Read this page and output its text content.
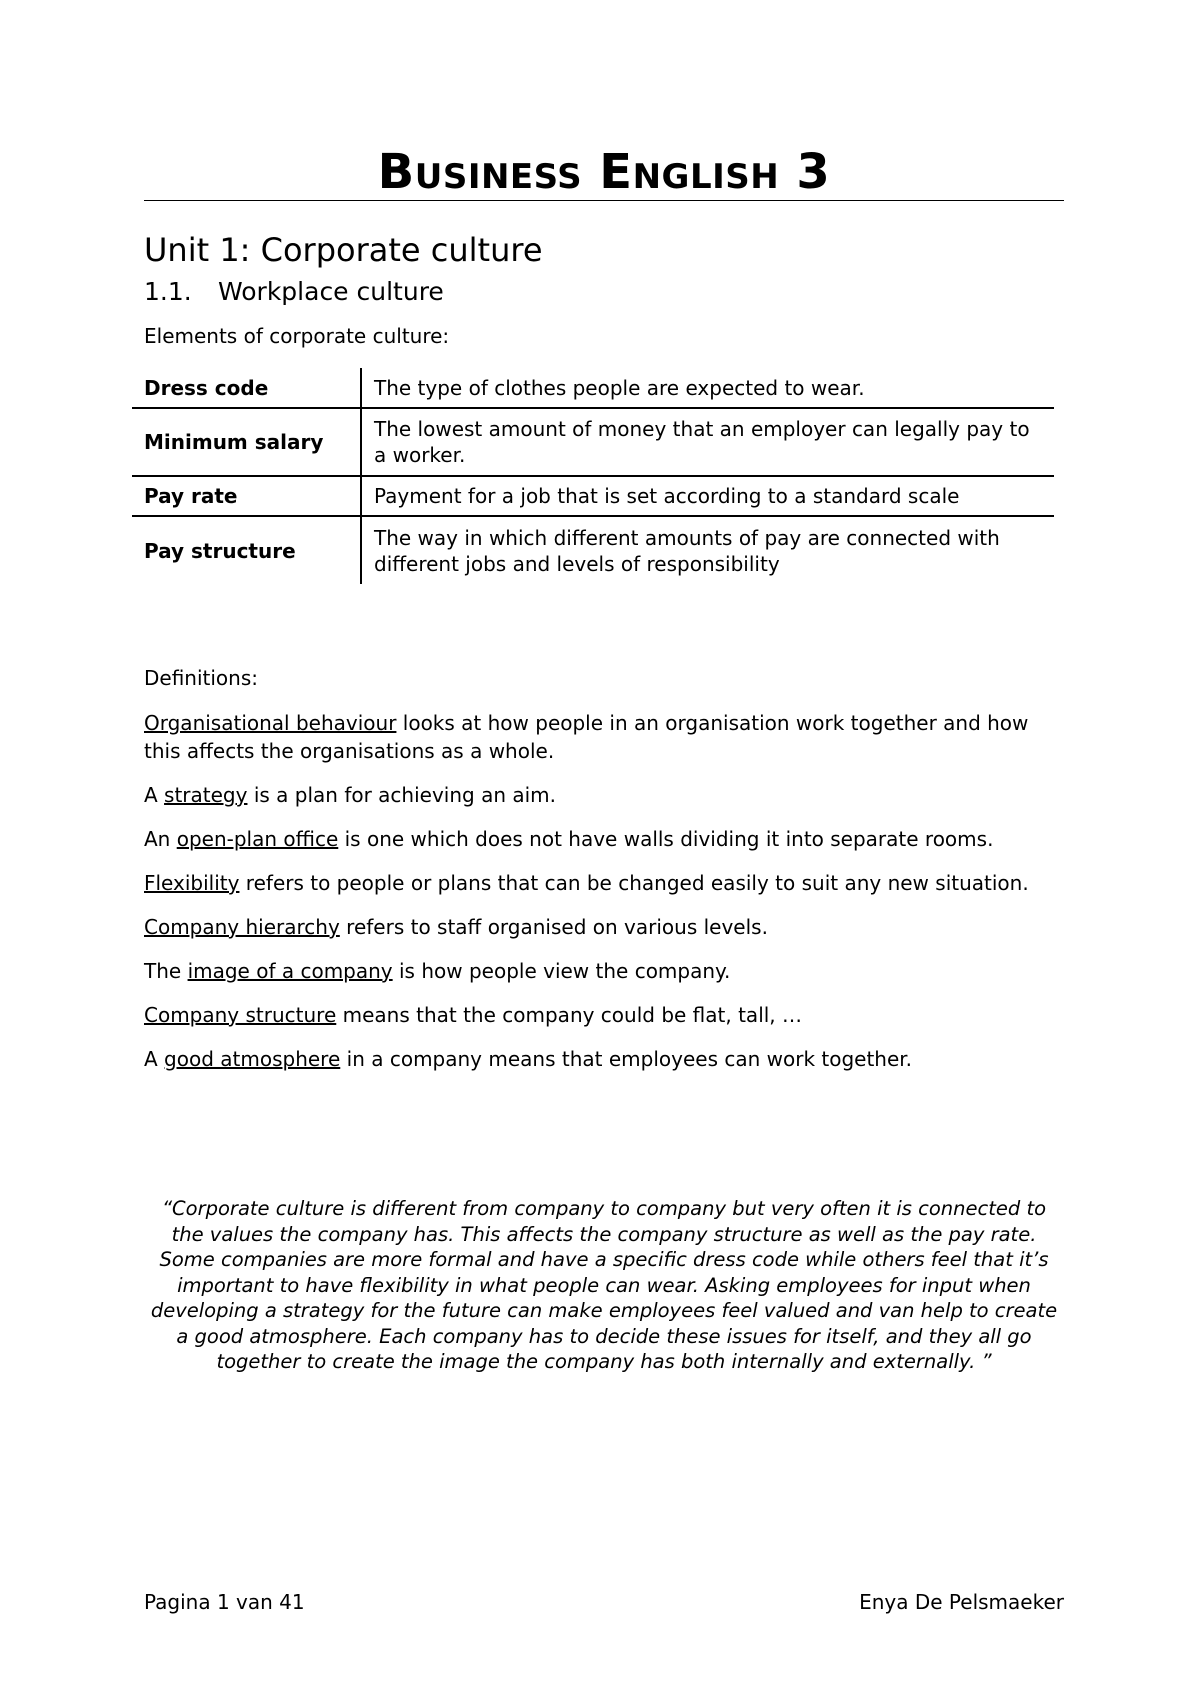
Business English 3
Unit 1: Corporate culture
1.1. Workplace culture

Elements of corporate culture:

Dress code	The type of clothes people are expected to wear.
Minimum salary	The lowest amount of money that an employer can legally pay to a worker.
Pay rate	Payment for a job that is set according to a standard scale
Pay structure	The way in which different amounts of pay are connected with different jobs and levels of responsibility

Definitions:

Organisational behaviour looks at how people in an organisation work together and how this affects the organisations as a whole.

A strategy is a plan for achieving an aim.

An open-plan office is one which does not have walls dividing it into separate rooms.

Flexibility refers to people or plans that can be changed easily to suit any new situation.

Company hierarchy refers to staff organised on various levels.

The image of a company is how people view the company.

Company structure means that the company could be flat, tall, …

A good atmosphere in a company means that employees can work together.

“Corporate culture is different from company to company but very often it is connected to the values the company has. This affects the company structure as well as the pay rate. Some companies are more formal and have a specific dress code while others feel that it’s important to have flexibility in what people can wear. Asking employees for input when developing a strategy for the future can make employees feel valued and van help to create a good atmosphere. Each company has to decide these issues for itself, and they all go together to create the image the company has both internally and externally. ”

Pagina 1 van 41	Enya De Pelsmaeker
